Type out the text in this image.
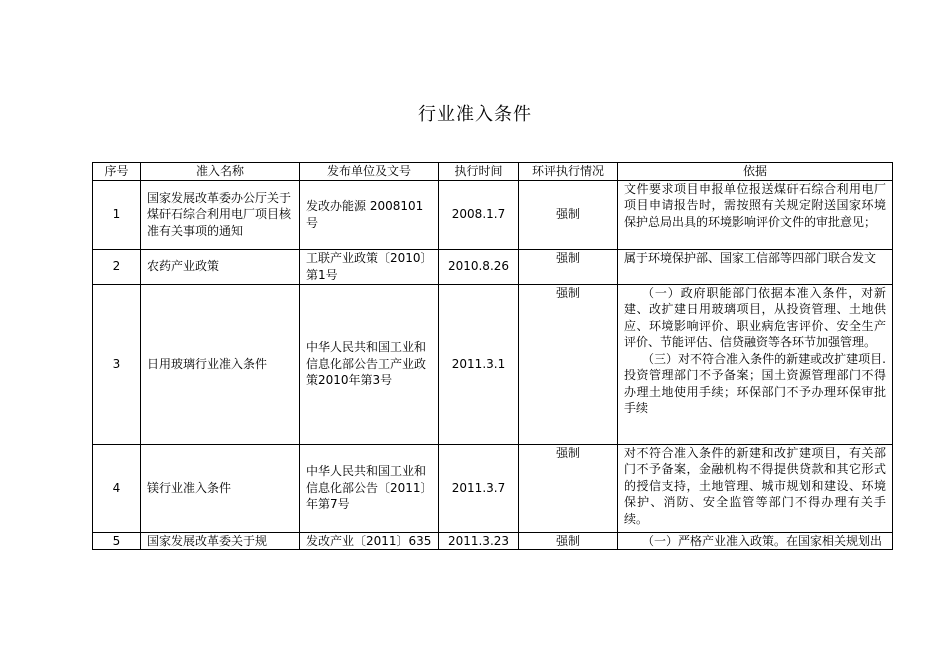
行业准入条件
序号	准入名称	发布单位及文号	执行时间	环评执行情况	依据
1	国家发展改革委办公厅关于煤矸石综合利用电厂项目核准有关事项的通知	发改办能源 2008101号	2008.1.7	强制	文件要求项目申报单位报送煤矸石综合利用电厂项目申请报告时，需按照有关规定附送国家环境保护总局出具的环境影响评价文件的审批意见；

2	农药产业政策	工联产业政策〔2010〕第1号	2010.8.26	强制	属于环境保护部、国家工信部等四部门联合发文

3	日用玻璃行业准入条件	中华人民共和国工业和信息化部公告工产业政策2010年第3号	2011.3.1	强制	（一）政府职能部门依据本准入条件，对新建、改扩建日用玻璃项目，从投资管理、土地供应、环境影响评价、职业病危害评价、安全生产评价、节能评估、信贷融资等各环节加强管理。

（三）对不符合准入条件的新建或改扩建项目. 投资管理部门不予备案；国土资源管理部门不得办理土地使用手续；环保部门不予办理环保审批手续

4	镁行业准入条件	中华人民共和国工业和信息化部公告〔2011〕年第7号	2011.3.7	强制	对不符合准入条件的新建和改扩建项目，有关部门不予备案，金融机构不得提供贷款和其它形式的授信支持，土地管理、城市规划和建设、环境保护、消防、安全监管等部门不得办理有关手续。

5	国家发展改革委关于规	发改产业〔2011〕635	2011.3.23	强制	（一）严格产业准入政策。在国家相关规划出
